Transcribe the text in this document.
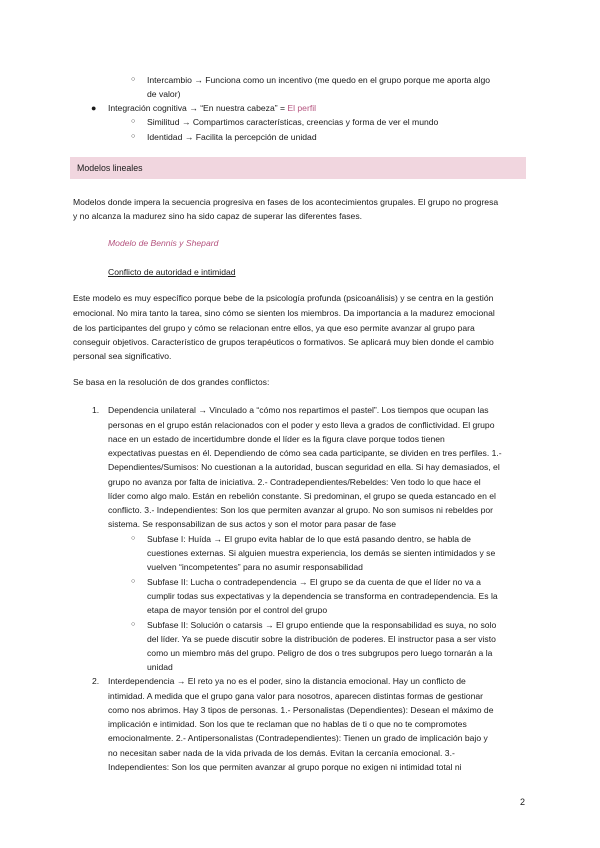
○ Intercambio → Funciona como un incentivo (me quedo en el grupo porque me aporta algo
de valor)
● Integración cognitiva → “En nuestra cabeza” = El perfil
○ Similitud → Compartimos características, creencias y forma de ver el mundo
○ Identidad → Facilita la percepción de unidad
Modelos lineales
Modelos donde impera la secuencia progresiva en fases de los acontecimientos grupales. El grupo no progresa
y no alcanza la madurez sino ha sido capaz de superar las diferentes fases.
Modelo de Bennis y Shepard
Conflicto de autoridad e intimidad
Este modelo es muy específico porque bebe de la psicología profunda (psicoanálisis) y se centra en la gestión
emocional. No mira tanto la tarea, sino cómo se sienten los miembros. Da importancia a la madurez emocional
de los participantes del grupo y cómo se relacionan entre ellos, ya que eso permite avanzar al grupo para
conseguir objetivos. Característico de grupos terapéuticos o formativos. Se aplicará muy bien donde el cambio
personal sea significativo.
Se basa en la resolución de dos grandes conflictos:
1. Dependencia unilateral → Vinculado a “cómo nos repartimos el pastel”. Los tiempos que ocupan las
personas en el grupo están relacionados con el poder y esto lleva a grados de conflictividad. El grupo
nace en un estado de incertidumbre donde el líder es la figura clave porque todos tienen
expectativas puestas en él. Dependiendo de cómo sea cada participante, se dividen en tres perfiles. 1.-
Dependientes/Sumisos: No cuestionan a la autoridad, buscan seguridad en ella. Si hay demasiados, el
grupo no avanza por falta de iniciativa. 2.- Contradependientes/Rebeldes: Ven todo lo que hace el
líder como algo malo. Están en rebelión constante. Si predominan, el grupo se queda estancado en el
conflicto. 3.- Independientes: Son los que permiten avanzar al grupo. No son sumisos ni rebeldes por
sistema. Se responsabilizan de sus actos y son el motor para pasar de fase
○ Subfase I: Huída → El grupo evita hablar de lo que está pasando dentro, se habla de
cuestiones externas. Si alguien muestra experiencia, los demás se sienten intimidados y se
vuelven “incompetentes” para no asumir responsabilidad
○ Subfase II: Lucha o contradependencia → El grupo se da cuenta de que el líder no va a
cumplir todas sus expectativas y la dependencia se transforma en contradependencia. Es la
etapa de mayor tensión por el control del grupo
○ Subfase II: Solución o catarsis → El grupo entiende que la responsabilidad es suya, no solo
del líder. Ya se puede discutir sobre la distribución de poderes. El instructor pasa a ser visto
como un miembro más del grupo. Peligro de dos o tres subgrupos pero luego tornarán a la
unidad
2. Interdependencia → El reto ya no es el poder, sino la distancia emocional. Hay un conflicto de
intimidad. A medida que el grupo gana valor para nosotros, aparecen distintas formas de gestionar
como nos abrimos. Hay 3 tipos de personas. 1.- Personalistas (Dependientes): Desean el máximo de
implicación e intimidad. Son los que te reclaman que no hablas de ti o que no te compromotes
emocionalmente. 2.- Antipersonalistas (Contradependientes): Tienen un grado de implicación bajo y
no necesitan saber nada de la vida privada de los demás. Evitan la cercanía emocional. 3.-
Independientes: Son los que permiten avanzar al grupo porque no exigen ni intimidad total ni
2
